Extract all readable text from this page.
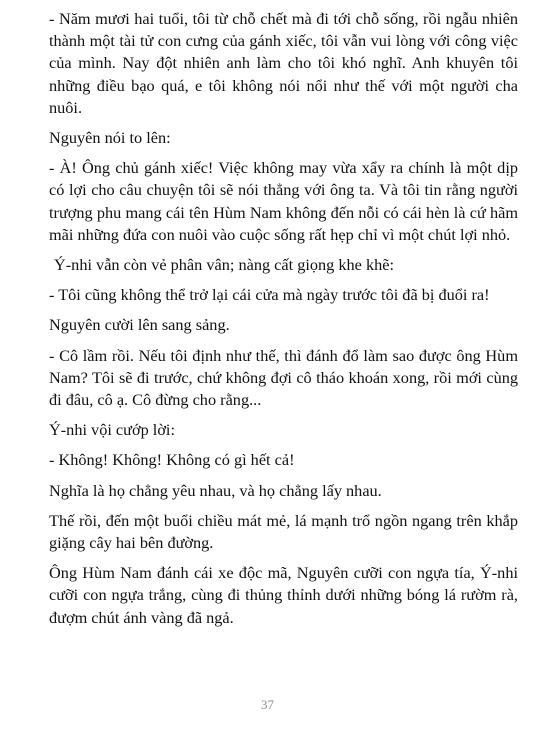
- Năm mươi hai tuổi, tôi từ chỗ chết mà đi tới chỗ sống, rồi ngẫu nhiên thành một tài tử con cưng của gánh xiếc, tôi vẫn vui lòng với công việc của mình. Nay đột nhiên anh làm cho tôi khó nghĩ. Anh khuyên tôi những điều bạo quá, e tôi không nói nổi như thế với một người cha nuôi.

Nguyên nói to lên:

- À! Ông chủ gánh xiếc! Việc không may vừa xẩy ra chính là một dịp có lợi cho câu chuyện tôi sẽ nói thẳng với ông ta. Và tôi tin rằng người trượng phu mang cái tên Hùm Nam không đến nỗi có cái hèn là cứ hãm mãi những đứa con nuôi vào cuộc sống rất hẹp chỉ vì một chút lợi nhỏ.

Ý-nhi vẫn còn vẻ phân vân; nàng cất giọng khe khẽ:

- Tôi cũng không thể trở lại cái cửa mà ngày trước tôi đã bị đuổi ra!

Nguyên cười lên sang sảng.

- Cô lầm rồi. Nếu tôi định như thế, thì đánh đổ làm sao được ông Hùm Nam? Tôi sẽ đi trước, chứ không đợi cô tháo khoán xong, rồi mới cùng đi đâu, cô ạ. Cô đừng cho rằng...

Ý-nhi vội cướp lời:

- Không! Không! Không có gì hết cả!

Nghĩa là họ chẳng yêu nhau, và họ chẳng lấy nhau.

Thế rồi, đến một buổi chiều mát mẻ, lá mạnh trổ ngồn ngang trên khắp giặng cây hai bên đường.

Ông Hùm Nam đánh cái xe độc mã, Nguyên cưỡi con ngựa tía, Ý-nhi cưỡi con ngựa trắng, cùng đi thủng thỉnh dưới những bóng lá rườm rà, đượm chút ánh vàng đã ngả.

37
